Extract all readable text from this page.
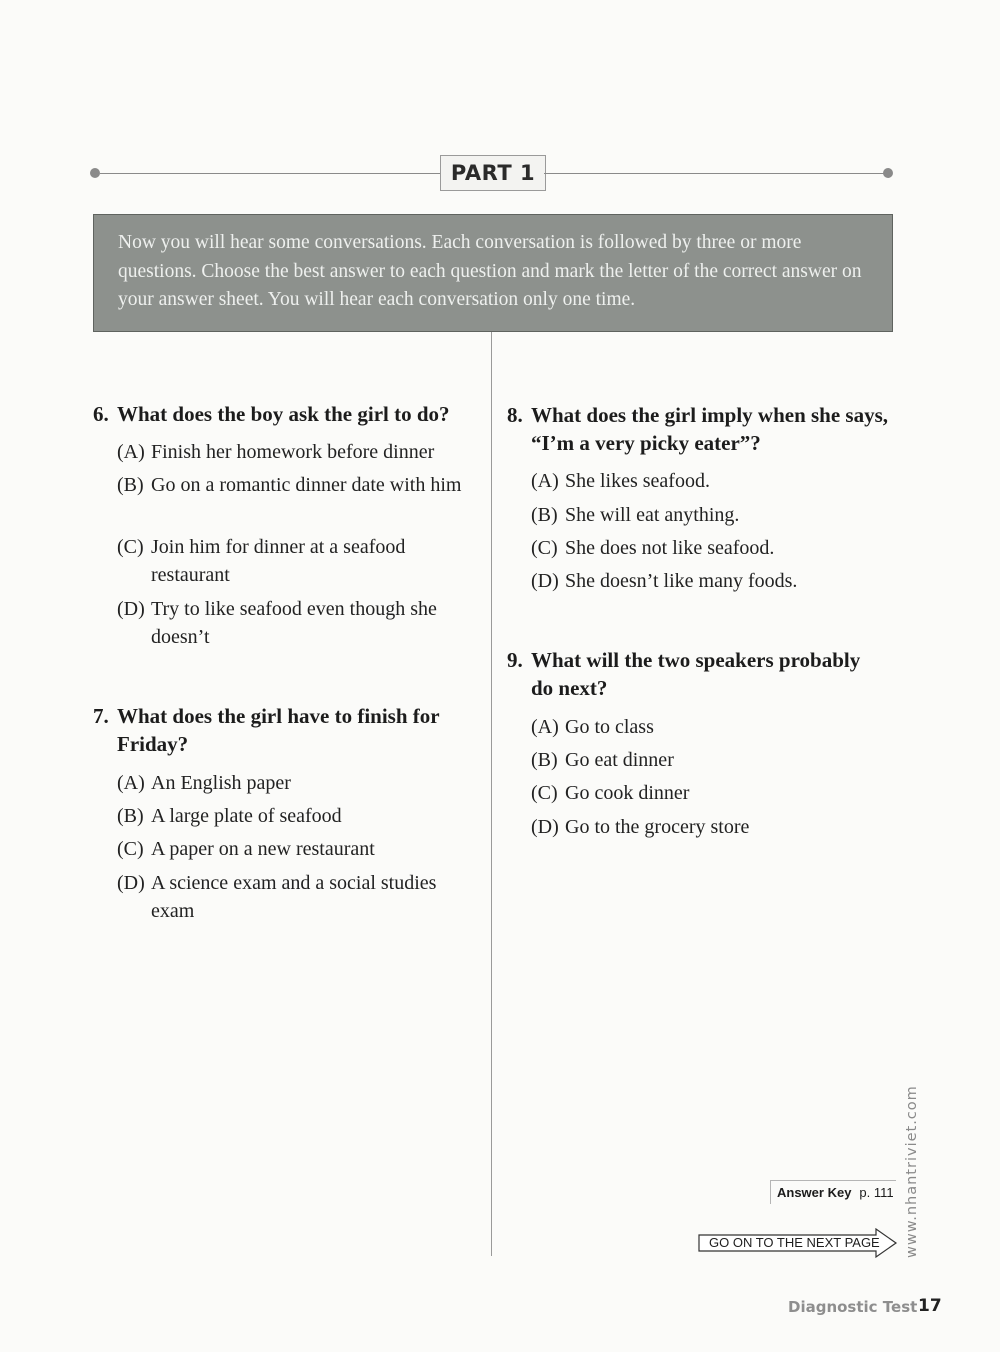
PART 1
Now you will hear some conversations. Each conversation is followed by three or more questions. Choose the best answer to each question and mark the letter of the correct answer on your answer sheet. You will hear each conversation only one time.
6. What does the boy ask the girl to do?
(A) Finish her homework before dinner
(B) Go on a romantic dinner date with him
(C) Join him for dinner at a seafood restaurant
(D) Try to like seafood even though she doesn’t
7. What does the girl have to finish for Friday?
(A) An English paper
(B) A large plate of seafood
(C) A paper on a new restaurant
(D) A science exam and a social studies exam
8. What does the girl imply when she says, “I’m a very picky eater”?
(A) She likes seafood.
(B) She will eat anything.
(C) She does not like seafood.
(D) She doesn’t like many foods.
9. What will the two speakers probably do next?
(A) Go to class
(B) Go eat dinner
(C) Go cook dinner
(D) Go to the grocery store
Answer Key p. 111
GO ON TO THE NEXT PAGE www.nhantriviet.com
Diagnostic Test 17
